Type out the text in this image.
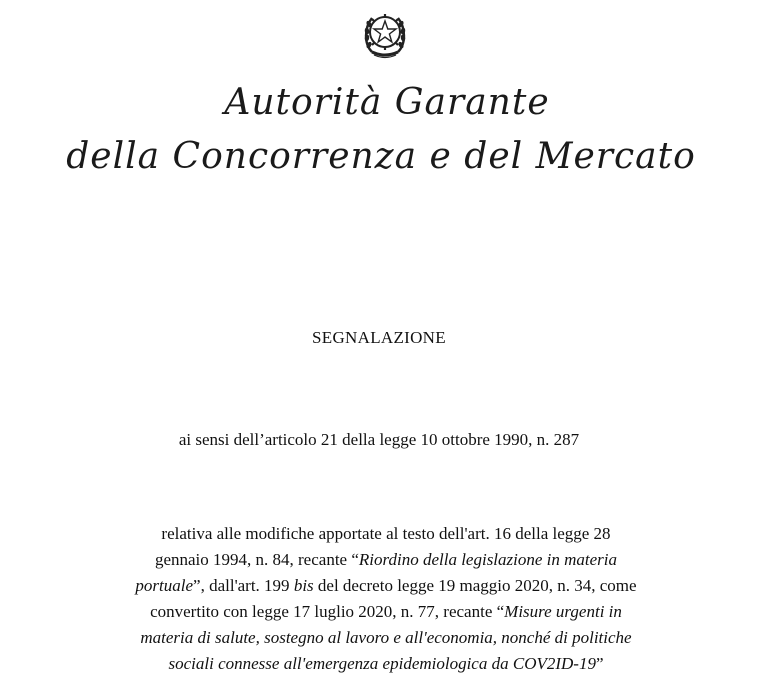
Autorità Garante
della Concorrenza e del Mercato
SEGNALAZIONE
ai sensi dell’articolo 21 della legge 10 ottobre 1990, n. 287
relativa alle modifiche apportate al testo dell'art. 16 della legge 28
gennaio 1994, n. 84, recante “Riordino della legislazione in materia
portuale”, dall'art. 199 bis del decreto legge 19 maggio 2020, n. 34, come
convertito con legge 17 luglio 2020, n. 77, recante “Misure urgenti in
materia di salute, sostegno al lavoro e all'economia, nonché di politiche
sociali connesse all'emergenza epidemiologica da COV2ID-19”
